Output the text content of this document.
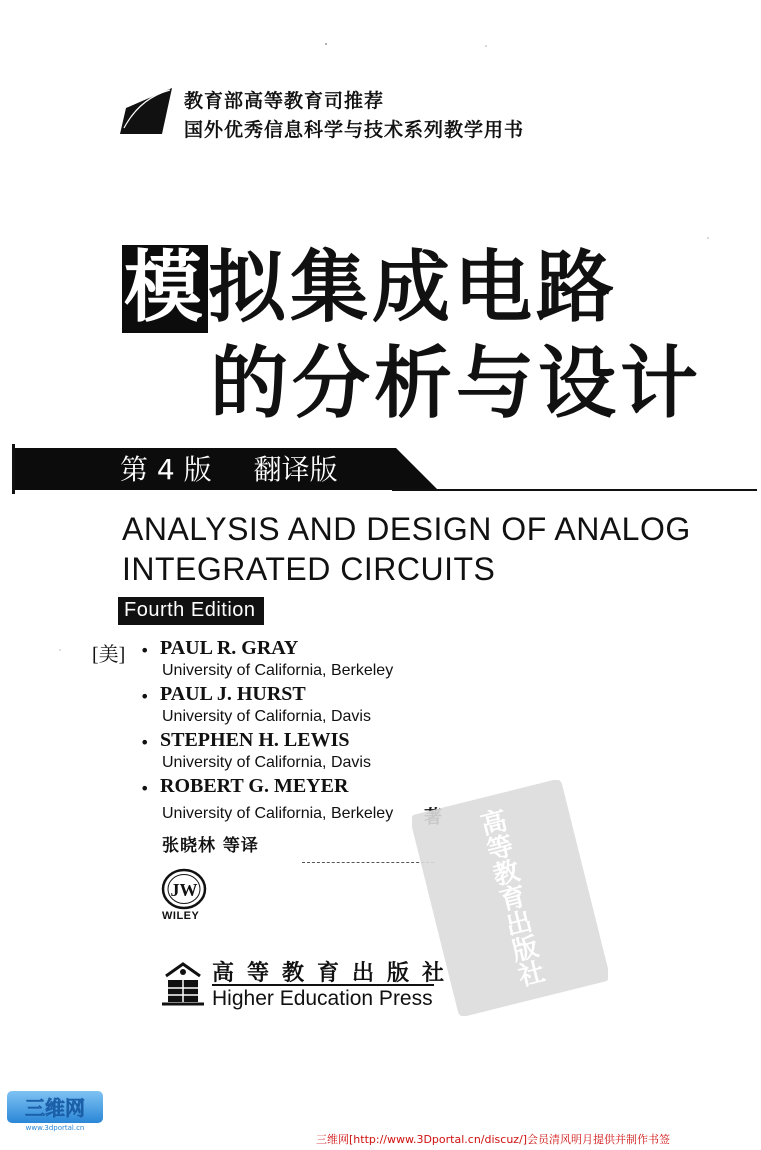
教育部高等教育司推荐
国外优秀信息科学与技术系列教学用书
模拟集成电路
的分析与设计
第 4 版 翻译版
ANALYSIS AND DESIGN OF ANALOG
INTEGRATED CIRCUITS
Fourth Edition
[美] • PAUL R. GRAY
University of California, Berkeley
• PAUL J. HURST
University of California, Davis
• STEPHEN H. LEWIS
University of California, Davis
• ROBERT G. MEYER
University of California, Berkeley
张晓林 等译
JW
WILEY	高等教育出版社
高等教育出版社
Higher Education Press
三维网
www.3dportal.cn
三维网[http://www.3Dportal.cn/discuz/]会员清风明月提供并制作书签
